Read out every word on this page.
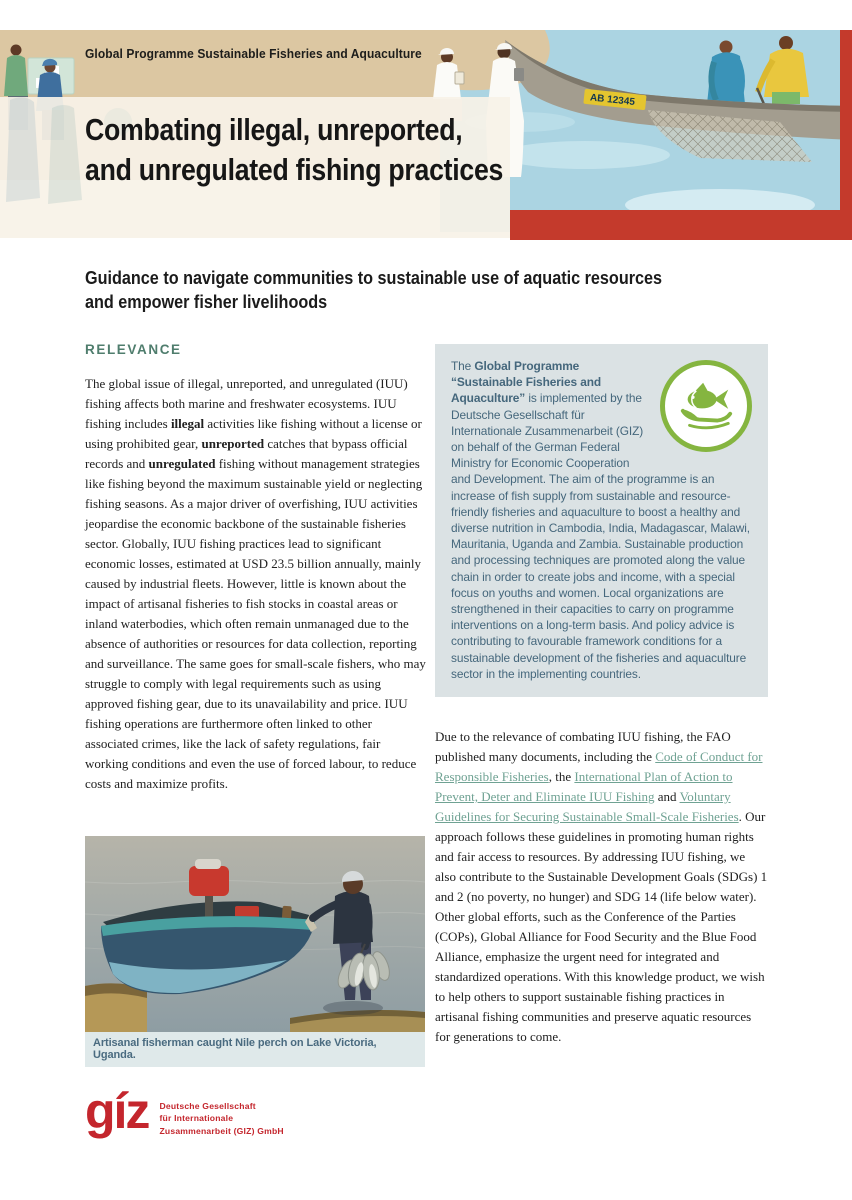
AB 12345
Global Programme Sustainable Fisheries and Aquaculture
Combating illegal, unreported,
and unregulated fishing practices
Guidance to navigate communities to sustainable use of aquatic resources
and empower fisher livelihoods
RELEVANCE
The global issue of illegal, unreported, and unregulated (IUU) fishing affects both marine and freshwater ecosystems. IUU fishing includes illegal activities like fishing without a license or using prohibited gear, unreported catches that bypass official records and unregulated fishing without management strategies like fishing beyond the maximum sustainable yield or neglecting fishing seasons. As a major driver of overfishing, IUU activities jeopardise the economic backbone of the sustainable fisheries sector. Globally, IUU fishing practices lead to significant economic losses, estimated at USD 23.5 billion annually, mainly caused by industrial fleets. However, little is known about the impact of artisanal fisheries to fish stocks in coastal areas or inland waterbodies, which often remain unmanaged due to the absence of authorities or resources for data collection, reporting and surveillance. The same goes for small-scale fishers, who may struggle to comply with legal requirements such as using approved fishing gear, due to its unavailability and price. IUU fishing operations are furthermore often linked to other associated crimes, like the lack of safety regulations, fair working conditions and even the use of forced labour, to reduce costs and maximize profits.
The Global Programme “Sustainable Fisheries and Aquaculture” is implemented by the Deutsche Gesellschaft für Internationale Zusammenarbeit (GIZ) on behalf of the German Federal Ministry for Economic Cooperation and Development. The aim of the programme is an increase of fish supply from sustainable and resource-friendly fisheries and aquaculture to boost a healthy and diverse nutrition in Cambodia, India, Madagascar, Malawi, Mauritania, Uganda and Zambia. Sustainable production and processing techniques are promoted along the value chain in order to create jobs and income, with a special focus on youths and women. Local organizations are strengthened in their capacities to carry on programme interventions on a long-term basis. And policy advice is contributing to favourable framework conditions for a sustainable development of the fisheries and aquaculture sector in the implementing countries.
Due to the relevance of combating IUU fishing, the FAO published many documents, including the Code of Conduct for Responsible Fisheries, the International Plan of Action to Prevent, Deter and Eliminate IUU Fishing and Voluntary Guidelines for Securing Sustainable Small-Scale Fisheries. Our approach follows these guidelines in promoting human rights and fair access to resources. By addressing IUU fishing, we also contribute to the Sustainable Development Goals (SDGs) 1 and 2 (no poverty, no hunger) and SDG 14 (life below water). Other global efforts, such as the Conference of the Parties (COPs), Global Alliance for Food Security and the Blue Food Alliance, emphasize the urgent need for integrated and standardized operations. With this knowledge product, we wish to help others to support sustainable fishing practices in artisanal fishing communities and preserve aquatic resources for generations to come.
Artisanal fisherman caught Nile perch on Lake Victoria, Uganda.
gíz Deutsche Gesellschaft
für Internationale
Zusammenarbeit (GIZ) GmbH
